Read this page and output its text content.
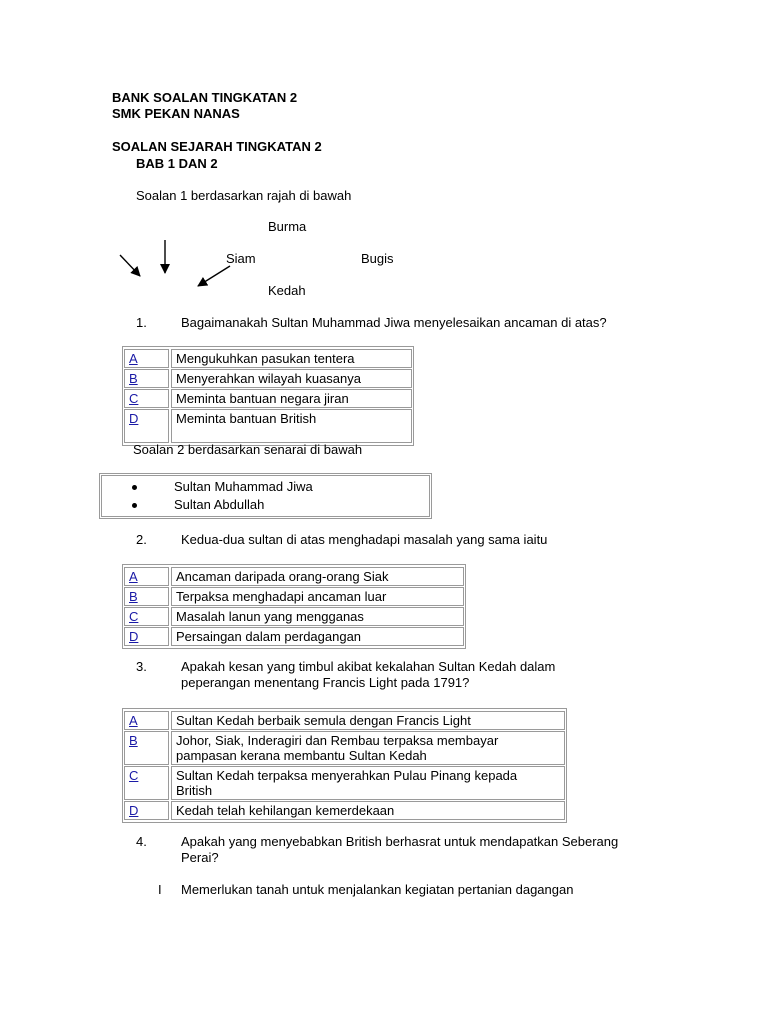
BANK SOALAN TINGKATAN 2
SMK PEKAN NANAS
SOALAN SEJARAH TINGKATAN 2
BAB 1 DAN 2
Soalan 1 berdasarkan rajah di bawah
Burma
Siam	Bugis
Kedah
1.	Bagaimanakah Sultan Muhammad Jiwa menyelesaikan ancaman di atas?
A	Mengukuhkan pasukan tentera
B	Menyerahkan wilayah kuasanya
C	Meminta bantuan negara jiran
D	Meminta bantuan British
Soalan 2 berdasarkan senarai di bawah
Sultan Muhammad Jiwa
Sultan Abdullah
2.	Kedua-dua sultan di atas menghadapi masalah yang sama iaitu
A	Ancaman daripada orang-orang Siak
B	Terpaksa menghadapi ancaman luar
C	Masalah lanun yang mengganas
D	Persaingan dalam perdagangan
3.	Apakah kesan yang timbul akibat kekalahan Sultan Kedah dalam
peperangan menentang Francis Light pada 1791?
A	Sultan Kedah berbaik semula dengan Francis Light
B	Johor, Siak, Inderagiri dan Rembau terpaksa membayar
pampasan kerana membantu Sultan Kedah
C	Sultan Kedah terpaksa menyerahkan Pulau Pinang kepada
British
D	Kedah telah kehilangan kemerdekaan
4.	Apakah yang menyebabkan British berhasrat untuk mendapatkan Seberang
Perai?
I Memerlukan tanah untuk menjalankan kegiatan pertanian dagangan
